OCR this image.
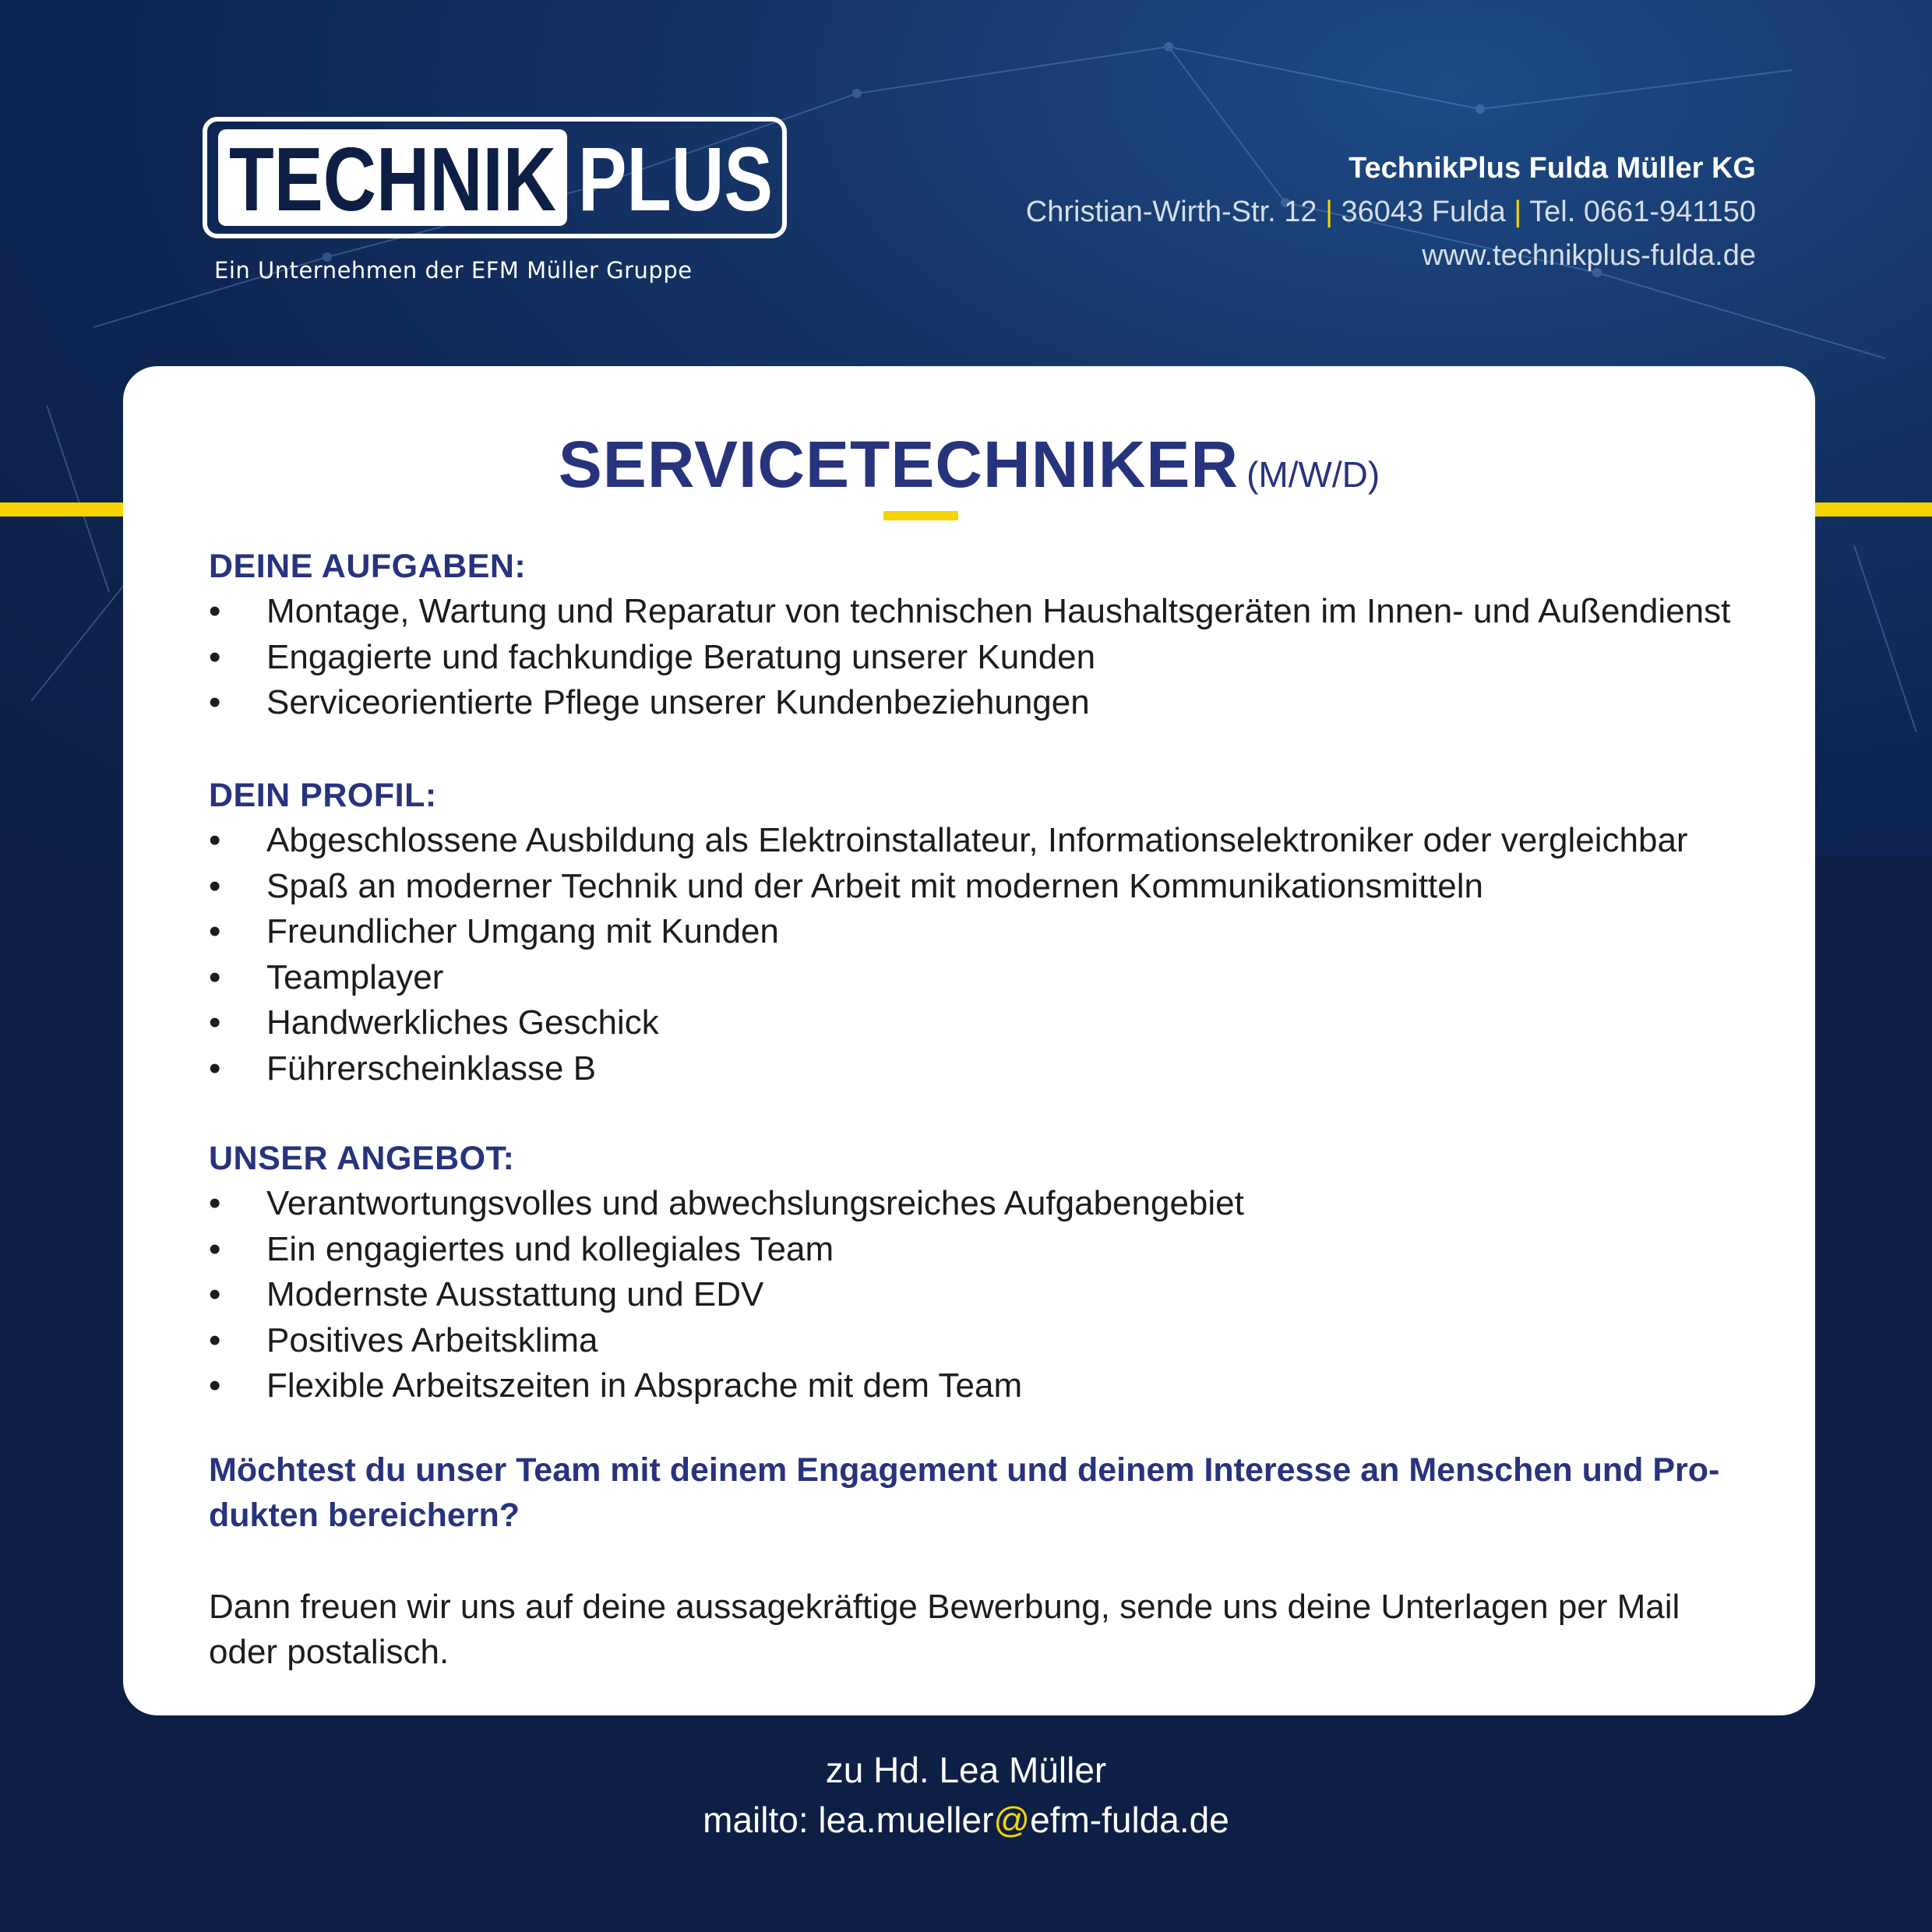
TECHNIK PLUS
Ein Unternehmen der EFM Müller Gruppe
TechnikPlus Fulda Müller KG
Christian-Wirth-Str. 12 | 36043 Fulda | Tel. 0661-941150
www.technikplus-fulda.de
SERVICETECHNIKER (M/W/D)
DEINE AUFGABEN:
• Montage, Wartung und Reparatur von technischen Haushaltsgeräten im Innen- und Außendienst
• Engagierte und fachkundige Beratung unserer Kunden
• Serviceorientierte Pflege unserer Kundenbeziehungen
DEIN PROFIL:
• Abgeschlossene Ausbildung als Elektroinstallateur, Informationselektroniker oder vergleichbar
• Spaß an moderner Technik und der Arbeit mit modernen Kommunikationsmitteln
• Freundlicher Umgang mit Kunden
• Teamplayer
• Handwerkliches Geschick
• Führerscheinklasse B
UNSER ANGEBOT:
• Verantwortungsvolles und abwechslungsreiches Aufgabengebiet
• Ein engagiertes und kollegiales Team
• Modernste Ausstattung und EDV
• Positives Arbeitsklima
• Flexible Arbeitszeiten in Absprache mit dem Team
Möchtest du unser Team mit deinem Engagement und deinem Interesse an Menschen und Pro-
dukten bereichern?
Dann freuen wir uns auf deine aussagekräftige Bewerbung, sende uns deine Unterlagen per Mail
oder postalisch.
zu Hd. Lea Müller
mailto: lea.mueller@efm-fulda.de
